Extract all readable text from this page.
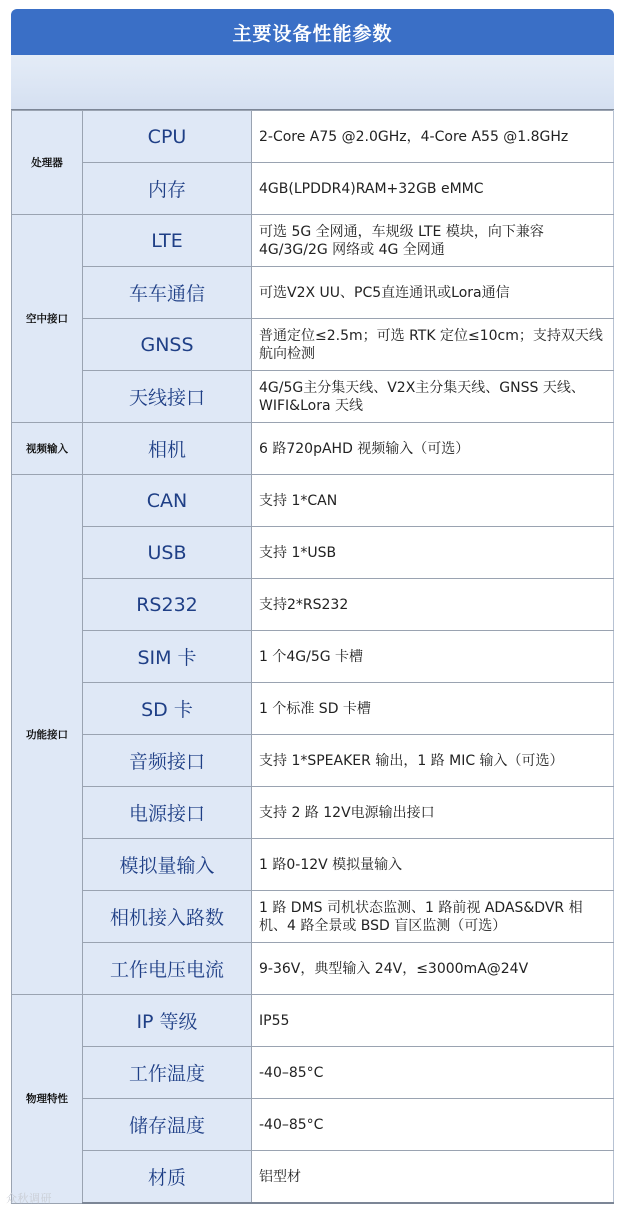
主要设备性能参数
处理器	CPU	2-Core A75 @2.0GHz，4-Core A55 @1.8GHz
	内存	4GB(LPDDR4)RAM+32GB eMMC
空中接口	LTE	可选 5G 全网通，车规级 LTE 模块，向下兼容 4G/3G/2G 网络或 4G 全网通
	车车通信	可选V2X UU、PC5直连通讯或Lora通信
	GNSS	普通定位≤2.5m；可选 RTK 定位≤10cm；支持双天线 航向检测
	天线接口	4G/5G主分集天线、V2X主分集天线、GNSS 天线、WIFI&Lora 天线
视频输入	相机	6 路720pAHD 视频输入（可选）
功能接口	CAN	支持 1*CAN
	USB	支持 1*USB
	RS232	支持2*RS232
	SIM 卡	1 个4G/5G 卡槽
	SD 卡	1 个标准 SD 卡槽
	音频接口	支持 1*SPEAKER 输出，1 路 MIC 输入（可选）
	电源接口	支持 2 路 12V电源输出接口
	模拟量输入	1 路0-12V 模拟量输入
	相机接入路数	1 路 DMS 司机状态监测、1 路前视 ADAS&DVR 相机、4 路全景或 BSD 盲区监测（可选）
	工作电压电流	9-36V，典型输入 24V，≤3000mA@24V
物理特性	IP 等级	IP55
	工作温度	-40–85°C
	储存温度	-40–85°C
	材质	铝型材
众秋调研
